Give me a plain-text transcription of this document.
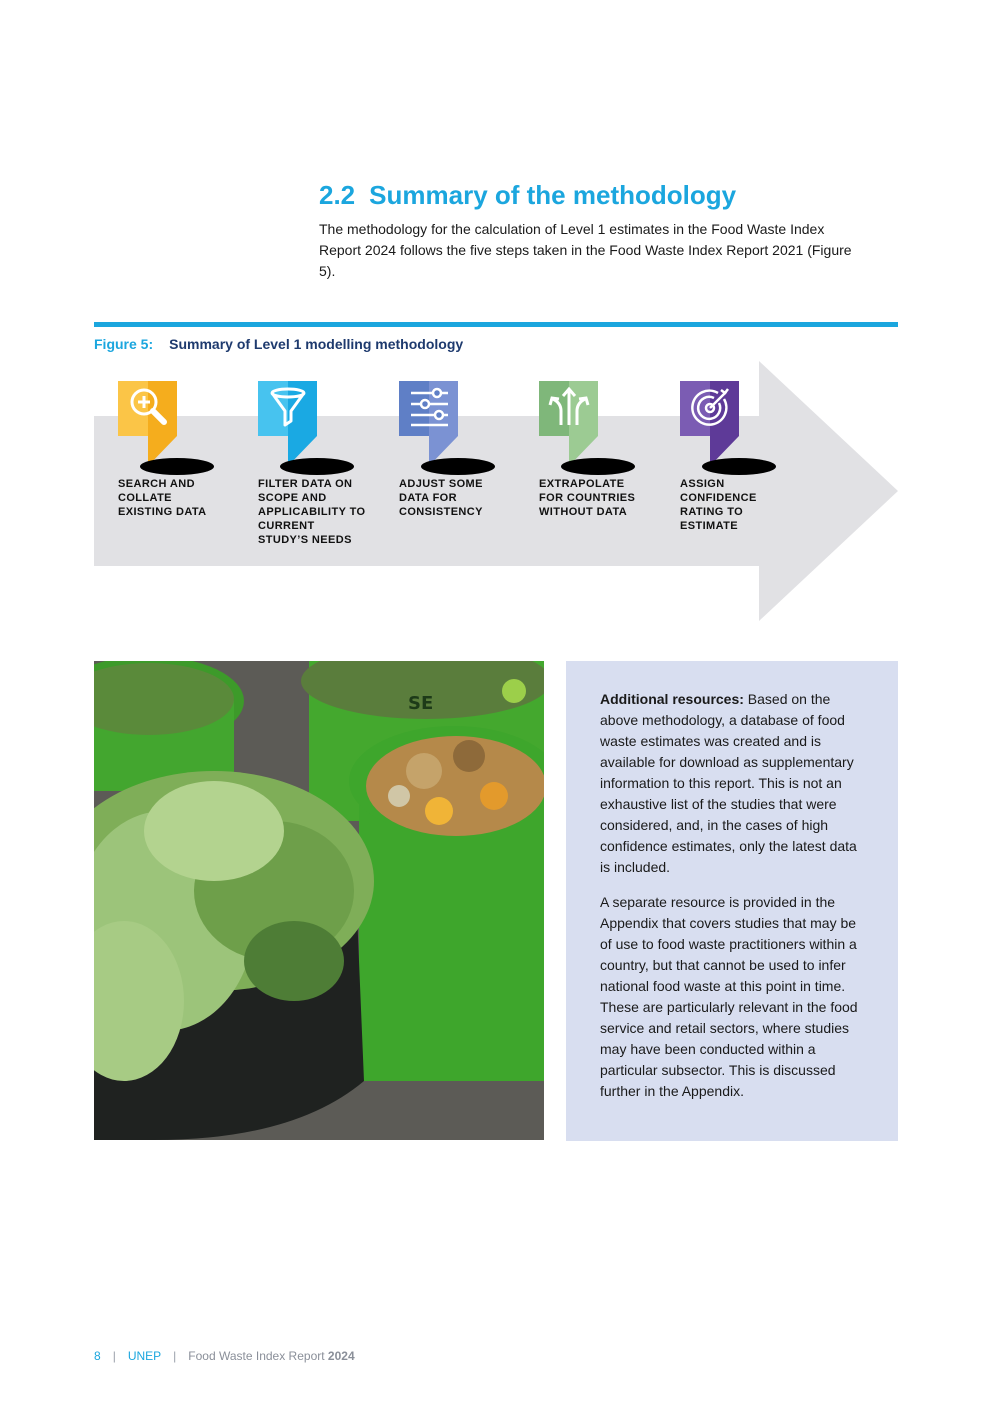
2.2 Summary of the methodology

The methodology for the calculation of Level 1 estimates in the Food Waste Index Report 2024 follows the five steps taken in the Food Waste Index Report 2021 (Figure 5).

Figure 5: Summary of Level 1 modelling methodology
SEARCH AND COLLATE EXISTING DATA
FILTER DATA ON SCOPE AND APPLICABILITY TO CURRENT STUDY’S NEEDS
ADJUST SOME DATA FOR CONSISTENCY
EXTRAPOLATE FOR COUNTRIES WITHOUT DATA
ASSIGN CONFIDENCE RATING TO ESTIMATE
SE	Additional resources: Based on the above methodology, a database of food waste estimates was created and is available for download as supplementary information to this report. This is not an exhaustive list of the studies that were considered, and, in the cases of high confidence estimates, only the latest data is included.

A separate resource is provided in the Appendix that covers studies that may be of use to food waste practitioners within a country, but that cannot be used to infer national food waste at this point in time. These are particularly relevant in the food service and retail sectors, where studies may have been conducted within a particular subsector. This is discussed further in the Appendix.

8 | UNEP | Food Waste Index Report 2024
